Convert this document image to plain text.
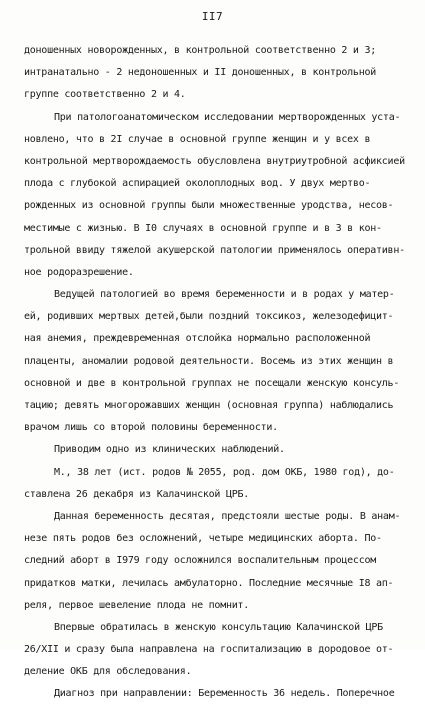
II7
доношенных новорожденных, в контрольной соответственно 2 и 3;
интранатально - 2 недоношенных и II доношенных, в контрольной
группе соответственно 2 и 4.
При патологоанатомическом исследовании мертворожденных уста-
новлено, что в 2I случае в основной группе женщин и у всех в
контрольной мертворождаемость обусловлена внутриутробной асфиксией
плода с глубокой аспирацией околоплодных вод. У двух мертво-
рожденных из основной группы были множественные уродства, несов-
местимые с жизнью. В I0 случаях в основной группе и в 3 в кон-
трольной ввиду тяжелой акушерской патологии применялось оперативн-
ное родоразрешение.
Ведущей патологией во время беременности и в родах у матер-
ей, родивших мертвых детей,были поздний токсикоз, железодефицит-
ная анемия, преждевременная отслойка нормально расположенной
плаценты, аномалии родовой деятельности. Восемь из этих женщин в
основной и две в контрольной группах не посещали женскую консуль-
тацию; девять многорожавших женщин (основная группа) наблюдались
врачом лишь со второй половины беременности.
Приводим одно из клинических наблюдений.
М., 38 лет (ист. родов № 2055, род. дом ОКБ, 1980 год), до-
ставлена 26 декабря из Калачинской ЦРБ.
Данная беременность десятая, предстояли шестые роды. В анам-
незе пять родов без осложнений, четыре медицинских аборта. По-
следний аборт в I979 году осложнился воспалительным процессом
придатков матки, лечилась амбулаторно. Последние месячные I8 ап-
реля, первое шевеление плода не помнит.
Впервые обратилась в женскую консультацию Калачинской ЦРБ
26/XII и сразу была направлена на госпитализацию в дородовое от-
деление ОКБ для обследования.
Диагноз при направлении: Беременность 36 недель. Поперечное
